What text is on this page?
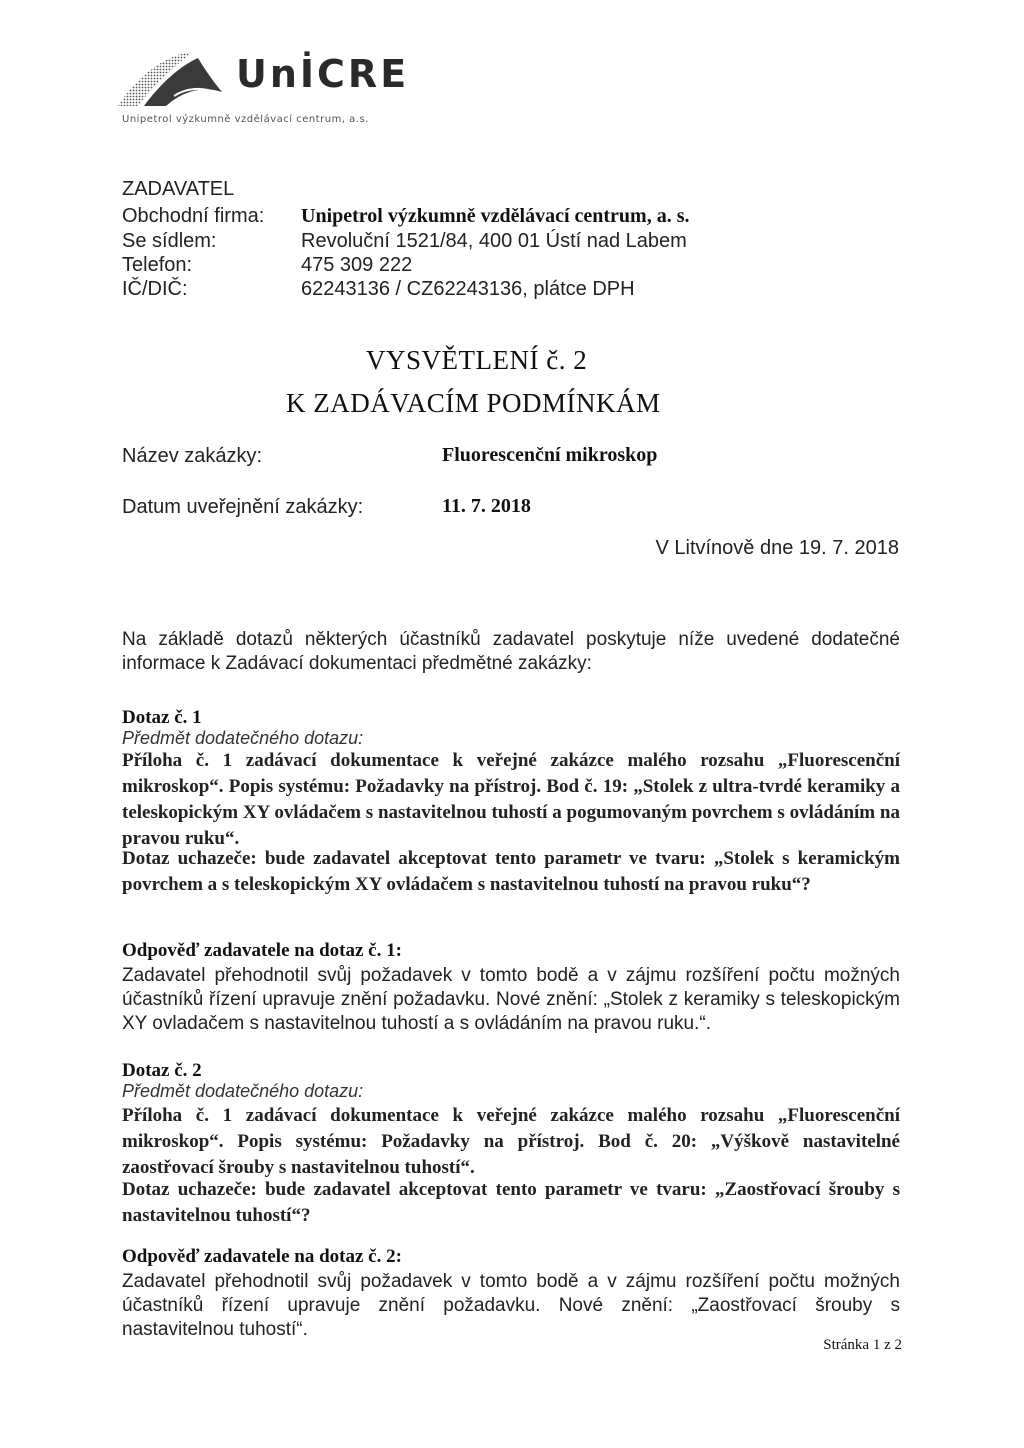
UnİCRE
Unipetrol výzkumně vzdělávací centrum, a.s.
ZADAVATEL
Obchodní firma: Unipetrol výzkumně vzdělávací centrum, a. s.
Se sídlem:	Revoluční 1521/84, 400 01 Ústí nad Labem
Telefon:	475 309 222
IČ/DIČ:	62243136 / CZ62243136, plátce DPH
VYSVĚTLENÍ č. 2
K ZADÁVACÍM PODMÍNKÁM
Název zakázky:	Fluorescenční mikroskop
Datum uveřejnění zakázky:	11. 7. 2018
V Litvínově dne 19. 7. 2018
Na základě dotazů některých účastníků zadavatel poskytuje níže uvedené dodatečné informace k Zadávací dokumentaci předmětné zakázky:
Dotaz č. 1
Předmět dodatečného dotazu:
Příloha č. 1 zadávací dokumentace k veřejné zakázce malého rozsahu „Fluorescenční mikroskop“. Popis systému: Požadavky na přístroj. Bod č. 19: „Stolek z ultra-tvrdé keramiky a teleskopickým XY ovládačem s nastavitelnou tuhostí a pogumovaným povrchem s ovládáním na pravou ruku“.
Dotaz uchazeče: bude zadavatel akceptovat tento parametr ve tvaru: „Stolek s keramickým povrchem a s teleskopickým XY ovládačem s nastavitelnou tuhostí na pravou ruku“?
Odpověď zadavatele na dotaz č. 1:
Zadavatel přehodnotil svůj požadavek v tomto bodě a v zájmu rozšíření počtu možných účastníků řízení upravuje znění požadavku. Nové znění: „Stolek z keramiky s teleskopickým XY ovladačem s nastavitelnou tuhostí a s ovládáním na pravou ruku.“.
Dotaz č. 2
Předmět dodatečného dotazu:
Příloha č. 1 zadávací dokumentace k veřejné zakázce malého rozsahu „Fluorescenční mikroskop“. Popis systému: Požadavky na přístroj. Bod č. 20: „Výškově nastavitelné zaostřovací šrouby s nastavitelnou tuhostí“.
Dotaz uchazeče: bude zadavatel akceptovat tento parametr ve tvaru: „Zaostřovací šrouby s nastavitelnou tuhostí“?
Odpověď zadavatele na dotaz č. 2:
Zadavatel přehodnotil svůj požadavek v tomto bodě a v zájmu rozšíření počtu možných účastníků řízení upravuje znění požadavku. Nové znění: „Zaostřovací šrouby s nastavitelnou tuhostí“.
Stránka 1 z 2
